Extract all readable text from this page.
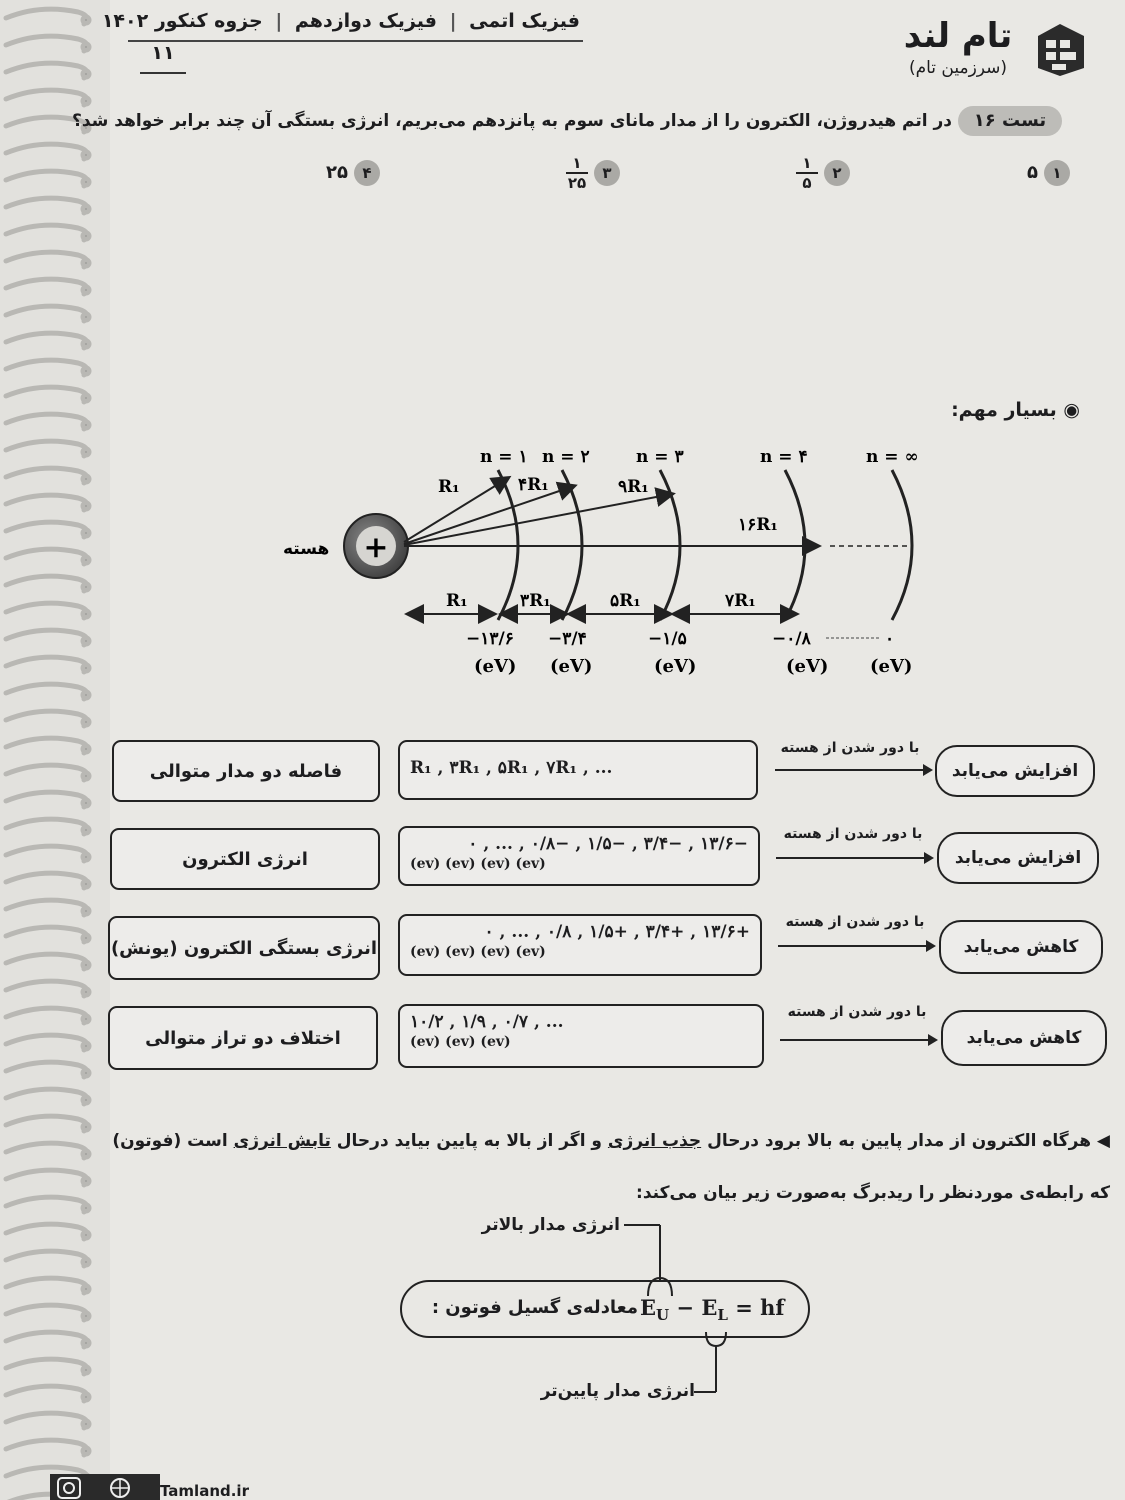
فیزیک اتمی | فیزیک دوازدهم | جزوه کنکور ۱۴۰۲
۱۱	تام لند
(سرزمین تام)
تست ۱۶
در اتم هیدروژن، الکترون را از مدار مانای سوم به پانزدهم می‌بریم، انرژی بستگی آن چند برابر خواهد شد؟
۱
۵
۲
$\frac{۱}{۵}$
۳
$\frac{۱}{۲۵}$
۴
۲۵
◉ بسیار مهم:
هسته +
n = ۱ n = ۲	n = ۳	n = ۴	n = ∞
R₁	۴R₁	۹R₁
۱۶R₁
R₁	۳R₁	۵R₁	۷R₁
−۱۳/۶ −۳/۴	−۱/۵	−۰/۸	۰
(eV) (eV)	(eV)	(eV) (eV)
فاصله دو مدار متوالی	R₁ , ۳R₁ , ۵R₁ , ۷R₁ , ...
با دور شدن از هسته
افزایش می‌یابد
انرژی الکترون
−۱۳/۶ , −۳/۴ , −۱/۵ , −۰/۸ , ... , ۰
(ev) (ev) (ev) (ev)
با دور شدن از هسته
افزایش می‌یابد
انرژی بستگی الکترون (یونش)
+۱۳/۶ , +۳/۴ , +۱/۵ , ۰/۸ , ... , ۰
(ev) (ev) (ev) (ev)
با دور شدن از هسته
کاهش می‌یابد
اختلاف دو تراز متوالی
۱۰/۲ , ۱/۹ , ۰/۷ , ...
(ev) (ev) (ev)
با دور شدن از هسته
کاهش می‌یابد
◀ هرگاه الکترون از مدار پایین به بالا برود درحال جذب انرژی و اگر از بالا به پایین بیاید درحال تابش انرژی است (فوتون)
که رابطه‌ی موردنظر را ریدبرگ به‌صورت زیر بیان می‌کند:
انرژی مدار بالاتر
معادله‌ی گسیل فوتون : $E_U - E_L$ = hf
انرژی مدار پایین‌تر
Tamland.ir
